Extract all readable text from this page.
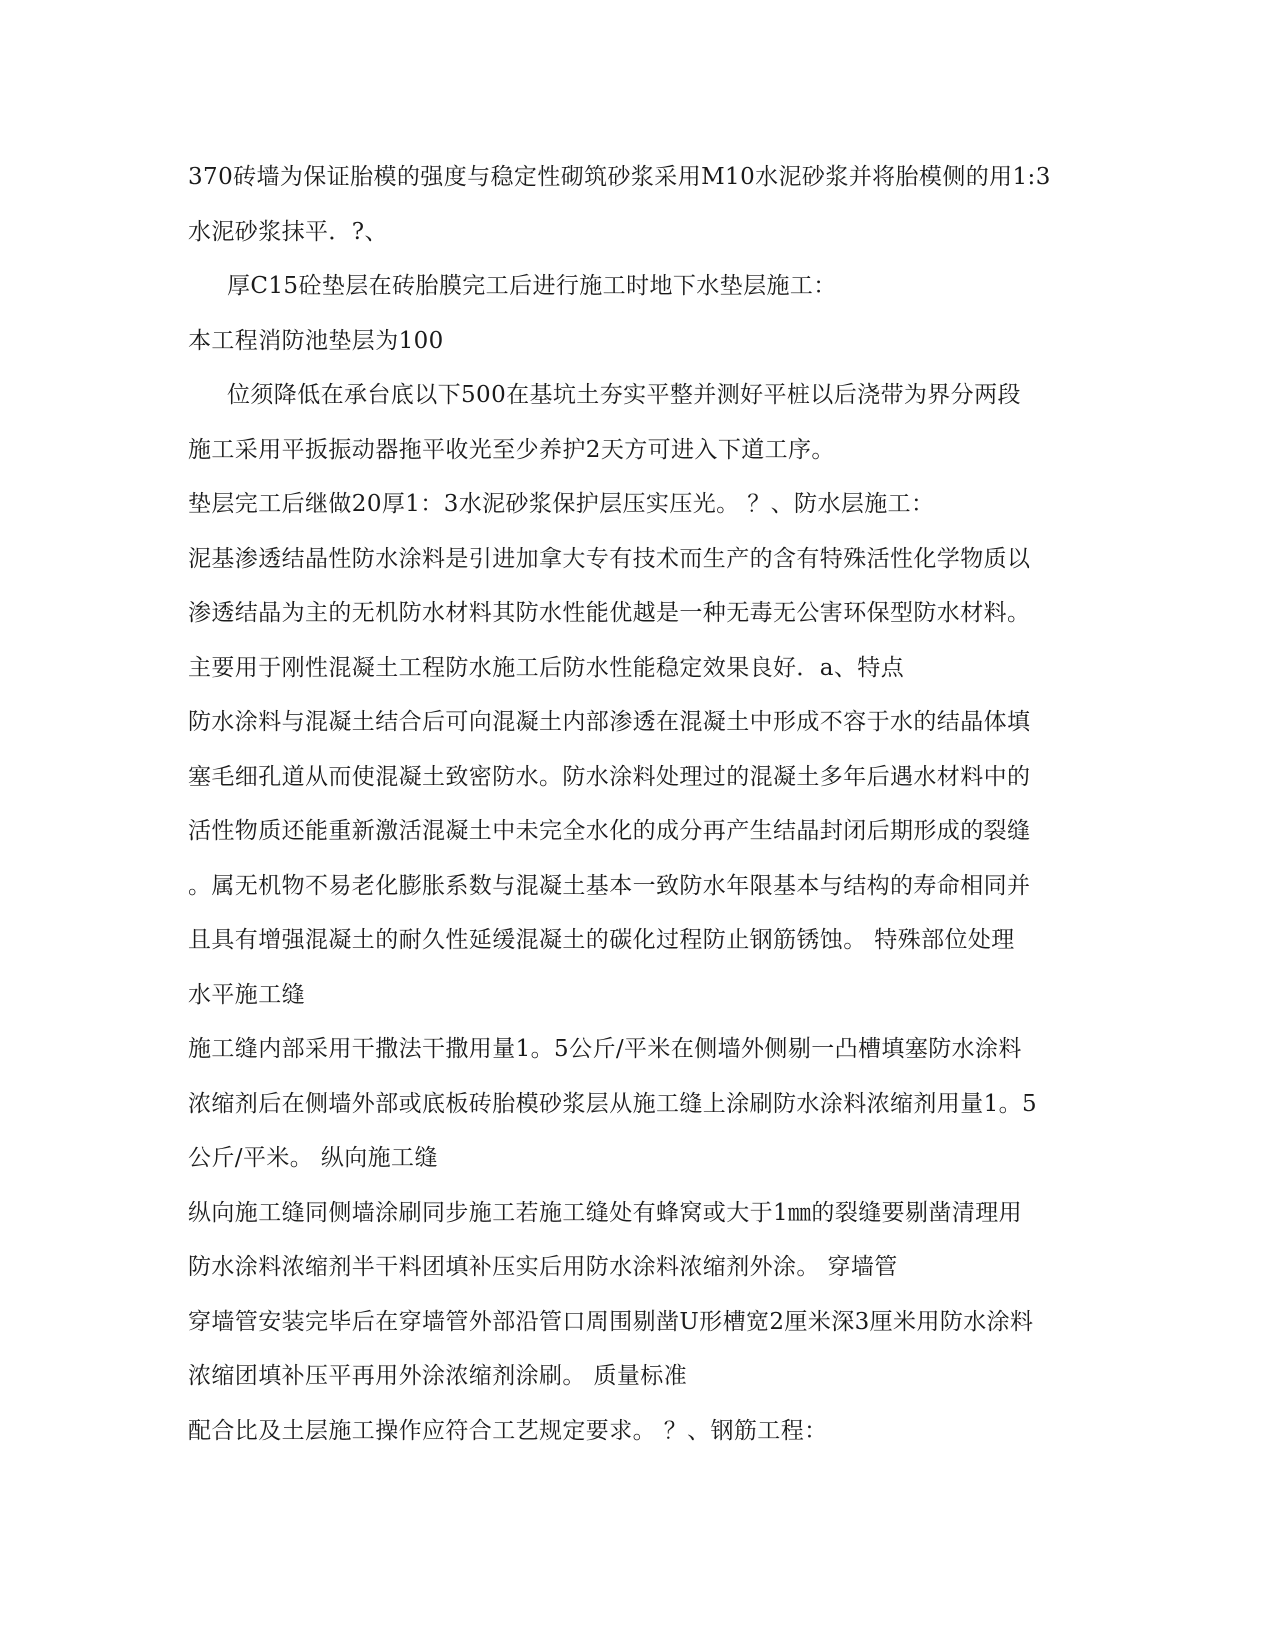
370砖墙为保证胎模的强度与稳定性砌筑砂浆采用M10水泥砂浆并将胎模侧的用1:3
水泥砂浆抹平．?、
厚C15砼垫层在砖胎膜完工后进行施工时地下水垫层施工：
本工程消防池垫层为100
位须降低在承台底以下500在基坑土夯实平整并测好平桩以后浇带为界分两段
施工采用平扳振动器拖平收光至少养护2天方可进入下道工序。
垫层完工后继做20厚1：3水泥砂浆保护层压实压光。 ？、防水层施工：
泥基渗透结晶性防水涂料是引进加拿大专有技术而生产的含有特殊活性化学物质以
渗透结晶为主的无机防水材料其防水性能优越是一种无毒无公害环保型防水材料。
主要用于刚性混凝土工程防水施工后防水性能稳定效果良好．a、特点
防水涂料与混凝土结合后可向混凝土内部渗透在混凝土中形成不容于水的结晶体填
塞毛细孔道从而使混凝土致密防水。防水涂料处理过的混凝土多年后遇水材料中的
活性物质还能重新激活混凝土中未完全水化的成分再产生结晶封闭后期形成的裂缝
。属无机物不易老化膨胀系数与混凝土基本一致防水年限基本与结构的寿命相同并
且具有增强混凝土的耐久性延缓混凝土的碳化过程防止钢筋锈蚀。 特殊部位处理
水平施工缝
施工缝内部采用干撒法干撒用量1。5公斤/平米在侧墙外侧剔一凸槽填塞防水涂料
浓缩剂后在侧墙外部或底板砖胎模砂浆层从施工缝上涂刷防水涂料浓缩剂用量1。5
公斤/平米。 纵向施工缝
纵向施工缝同侧墙涂刷同步施工若施工缝处有蜂窝或大于1㎜的裂缝要剔凿清理用
防水涂料浓缩剂半干料团填补压实后用防水涂料浓缩剂外涂。 穿墙管
穿墙管安装完毕后在穿墙管外部沿管口周围剔凿U形槽宽2厘米深3厘米用防水涂料
浓缩团填补压平再用外涂浓缩剂涂刷。 质量标准
配合比及土层施工操作应符合工艺规定要求。 ？、钢筋工程：
